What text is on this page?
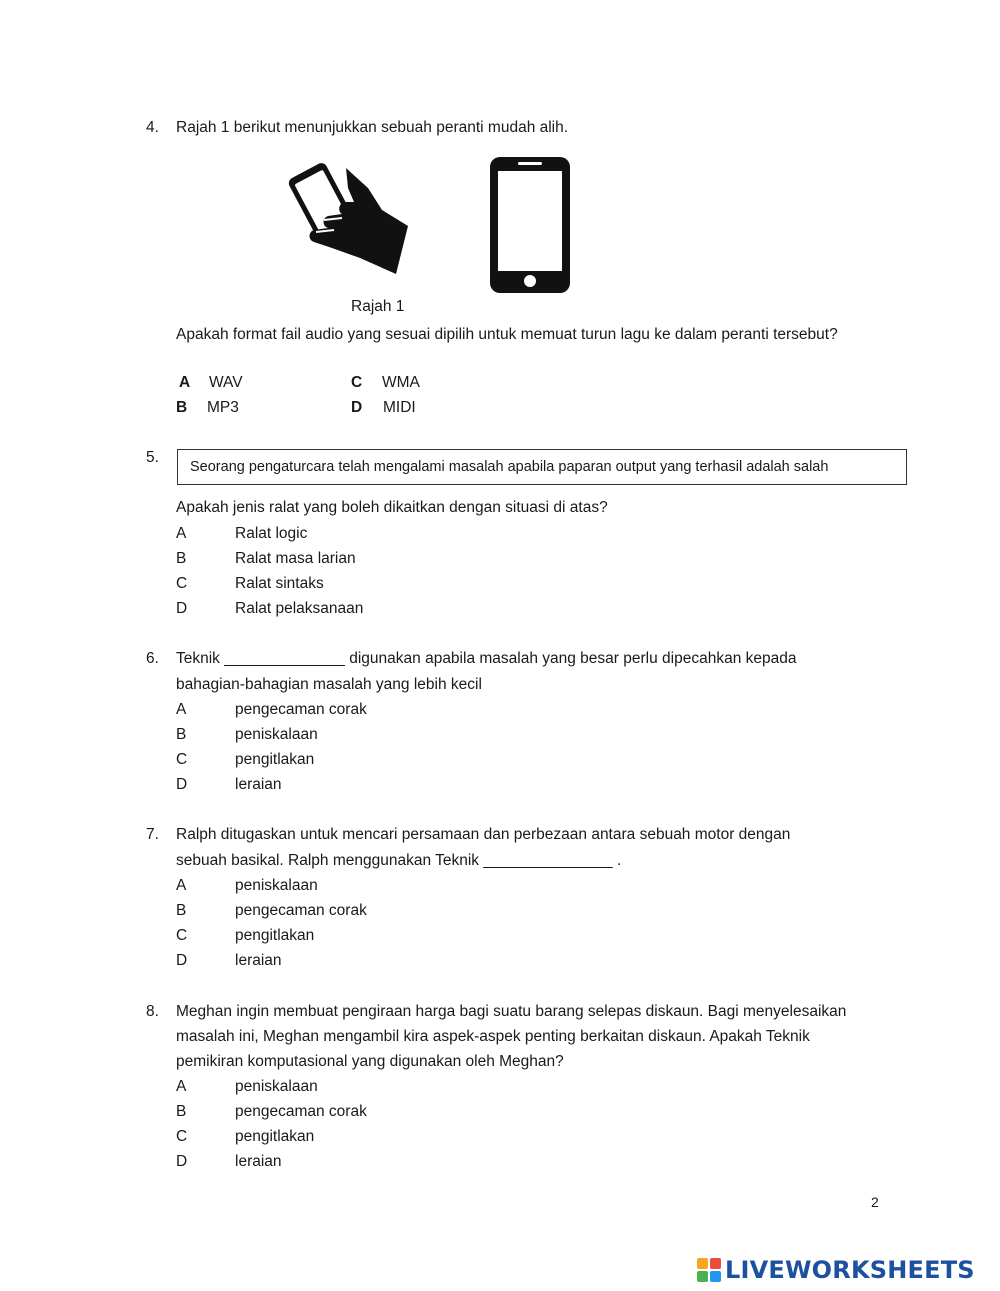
4. Rajah 1 berikut menunjukkan sebuah peranti mudah alih.
Rajah 1
Apakah format fail audio yang sesuai dipilih untuk memuat turun lagu ke dalam peranti tersebut?
A WAV	C WMA
B MP3	D MIDI
5.
Seorang pengaturcara telah mengalami masalah apabila paparan output yang terhasil adalah salah
Apakah jenis ralat yang boleh dikaitkan dengan situasi di atas?
A	Ralat logic
B	Ralat masa larian
C	Ralat sintaks
D	Ralat pelaksanaan
6. Teknik ______________ digunakan apabila masalah yang besar perlu dipecahkan kepada
bahagian-bahagian masalah yang lebih kecil
A	pengecaman corak
B	peniskalaan
C	pengitlakan
D	leraian
7. Ralph ditugaskan untuk mencari persamaan dan perbezaan antara sebuah motor dengan
sebuah basikal. Ralph menggunakan Teknik _______________ .
A	peniskalaan
B	pengecaman corak
C	pengitlakan
D	leraian
8. Meghan ingin membuat pengiraan harga bagi suatu barang selepas diskaun. Bagi menyelesaikan
masalah ini, Meghan mengambil kira aspek-aspek penting berkaitan diskaun. Apakah Teknik
pemikiran komputasional yang digunakan oleh Meghan?
A	peniskalaan
B	pengecaman corak
C	pengitlakan
D	leraian
2
LIVEWORKSHEETS
